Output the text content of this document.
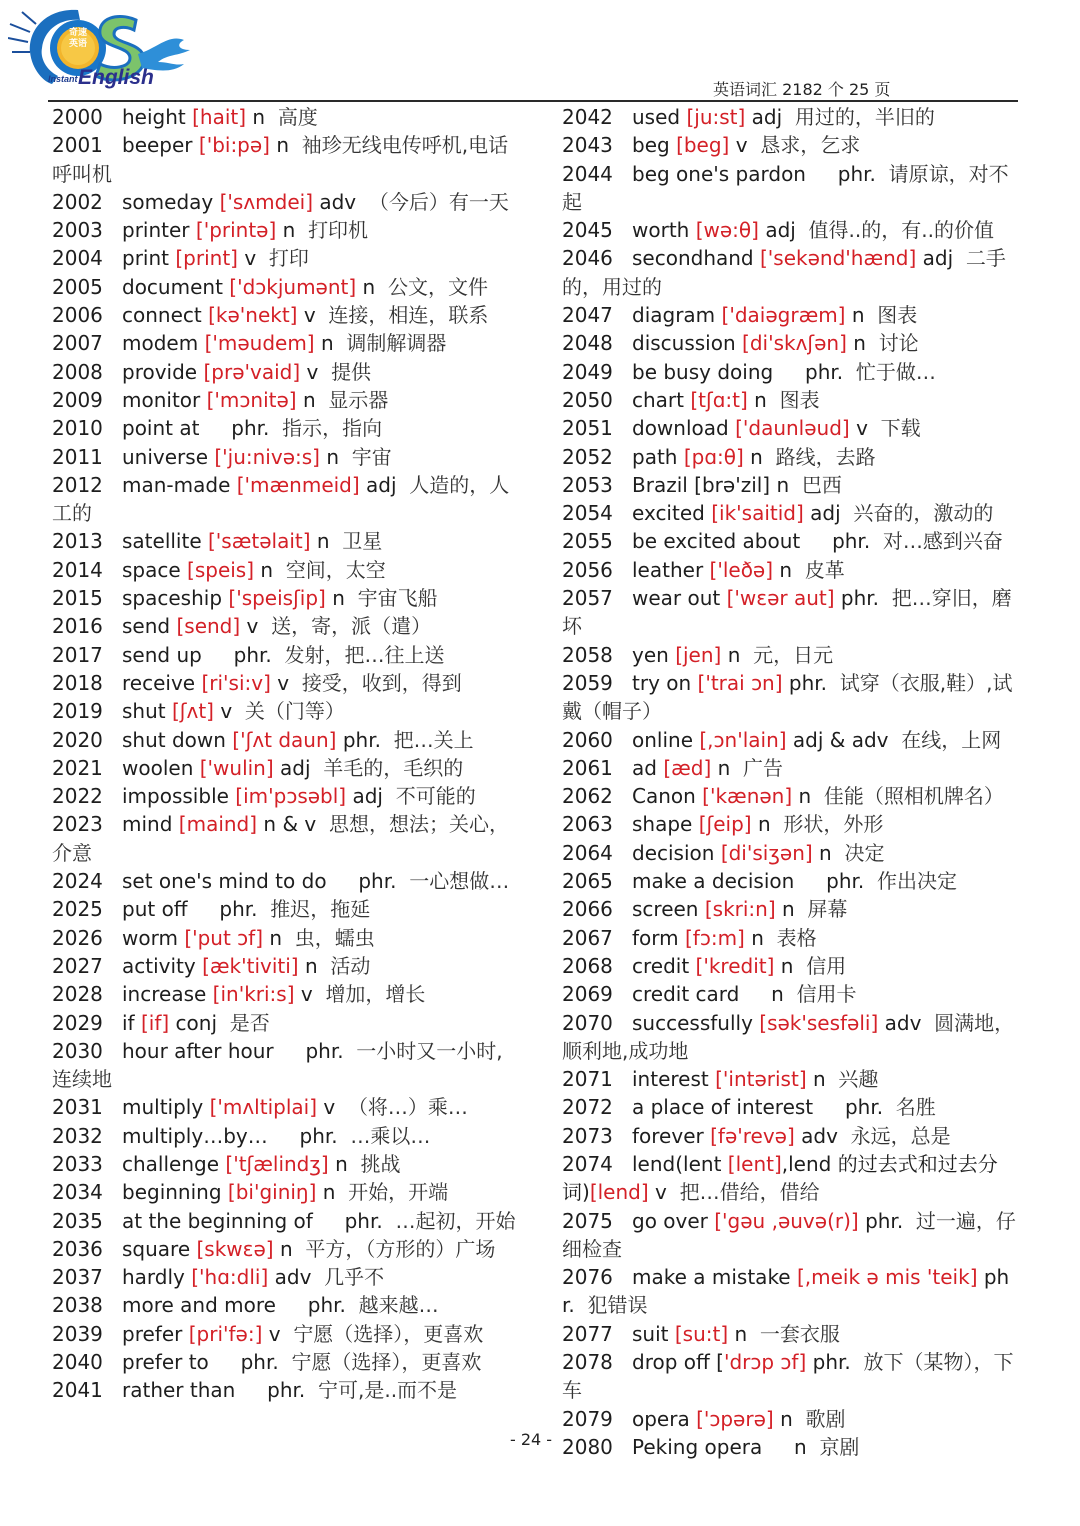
奇速英语
Instant English
英语词汇 2182 个 25 页
2000 height [hait] n 高度
2001 beeper ['bi:pə] n 袖珍无线电传呼机,电话呼叫机
2002 someday ['sʌmdei] adv （今后）有一天
2003 printer ['printə] n 打印机
2004 print [print] v 打印
2005 document ['dɔkjumənt] n 公文，文件
2006 connect [kə'nekt] v 连接，相连，联系
2007 modem ['məudem] n 调制解调器
2008 provide [prə'vaid] v 提供
2009 monitor ['mɔnitə] n 显示器
2010 point at phr. 指示，指向
2011 universe ['ju:nivə:s] n 宇宙
2012 man-made ['mænmeid] adj 人造的，人工的
2013 satellite ['sætəlait] n 卫星
2014 space [speis] n 空间，太空
2015 spaceship ['speisʃip] n 宇宙飞船
2016 send [send] v 送，寄，派（遣）
2017 send up phr. 发射，把…往上送
2018 receive [ri'si:v] v 接受，收到，得到
2019 shut [ʃʌt] v 关（门等）
2020 shut down ['ʃʌt daun] phr. 把…关上
2021 woolen ['wulin] adj 羊毛的，毛织的
2022 impossible [im'pɔsəbl] adj 不可能的
2023 mind [maind] n & v 思想，想法；关心，介意
2024 set one's mind to do phr. 一心想做…
2025 put off phr. 推迟，拖延
2026 worm ['put ɔf] n 虫，蠕虫
2027 activity [æk'tiviti] n 活动
2028 increase [in'kri:s] v 增加，增长
2029 if [if] conj 是否
2030 hour after hour phr. 一小时又一小时,连续地
2031 multiply ['mʌltiplai] v （将…）乘…
2032 multiply…by… phr. …乘以…
2033 challenge ['tʃælindʒ] n 挑战
2034 beginning [bi'giniŋ] n 开始，开端
2035 at the beginning of phr. …起初，开始
2036 square [skwɛə] n 平方，（方形的）广场
2037 hardly ['hɑ:dli] adv 几乎不
2038 more and more phr. 越来越…
2039 prefer [pri'fə:] v 宁愿（选择），更喜欢
2040 prefer to phr. 宁愿（选择），更喜欢
2041 rather than phr. 宁可,是..而不是
2042 used [ju:st] adj 用过的，半旧的
2043 beg [beg] v 恳求，乞求
2044 beg one's pardon phr. 请原谅，对不起
2045 worth [wə:θ] adj 值得..的，有..的价值
2046 secondhand ['sekənd'hænd] adj 二手的，用过的
2047 diagram ['daiəgræm] n 图表
2048 discussion [di'skʌʃən] n 讨论
2049 be busy doing phr. 忙于做…
2050 chart [tʃɑ:t] n 图表
2051 download ['daunləud] v 下载
2052 path [pɑ:θ] n 路线，去路
2053 Brazil [brə'zil] n 巴西
2054 excited [ik'saitid] adj 兴奋的，激动的
2055 be excited about phr. 对…感到兴奋
2056 leather ['leðə] n 皮革
2057 wear out ['wɛər aut] phr. 把…穿旧，磨坏
2058 yen [jen] n 元，日元
2059 try on ['trai ɔn] phr. 试穿（衣服,鞋）,试戴（帽子）
2060 online [,ɔn'lain] adj & adv 在线，上网
2061 ad [æd] n 广告
2062 Canon ['kænən] n 佳能（照相机牌名）
2063 shape [ʃeip] n 形状，外形
2064 decision [di'siʒən] n 决定
2065 make a decision phr. 作出决定
2066 screen [skri:n] n 屏幕
2067 form [fɔ:m] n 表格
2068 credit ['kredit] n 信用
2069 credit card n 信用卡
2070 successfully [sək'sesfəli] adv 圆满地，顺利地,成功地
2071 interest ['intərist] n 兴趣
2072 a place of interest phr. 名胜
2073 forever [fə'revə] adv 永远，总是
2074 lend(lent [lent],lend 的过去式和过去分词)[lend] v 把…借给，借给
2075 go over ['gəu ,əuvə(r)] phr. 过一遍，仔细检查
2076 make a mistake [,meik ə mis 'teik] phr. 犯错误
2077 suit [su:t] n 一套衣服
2078 drop off ['drɔp ɔf] phr. 放下（某物），下车
2079 opera ['ɔpərə] n 歌剧
2080 Peking opera n 京剧
- 24 -
